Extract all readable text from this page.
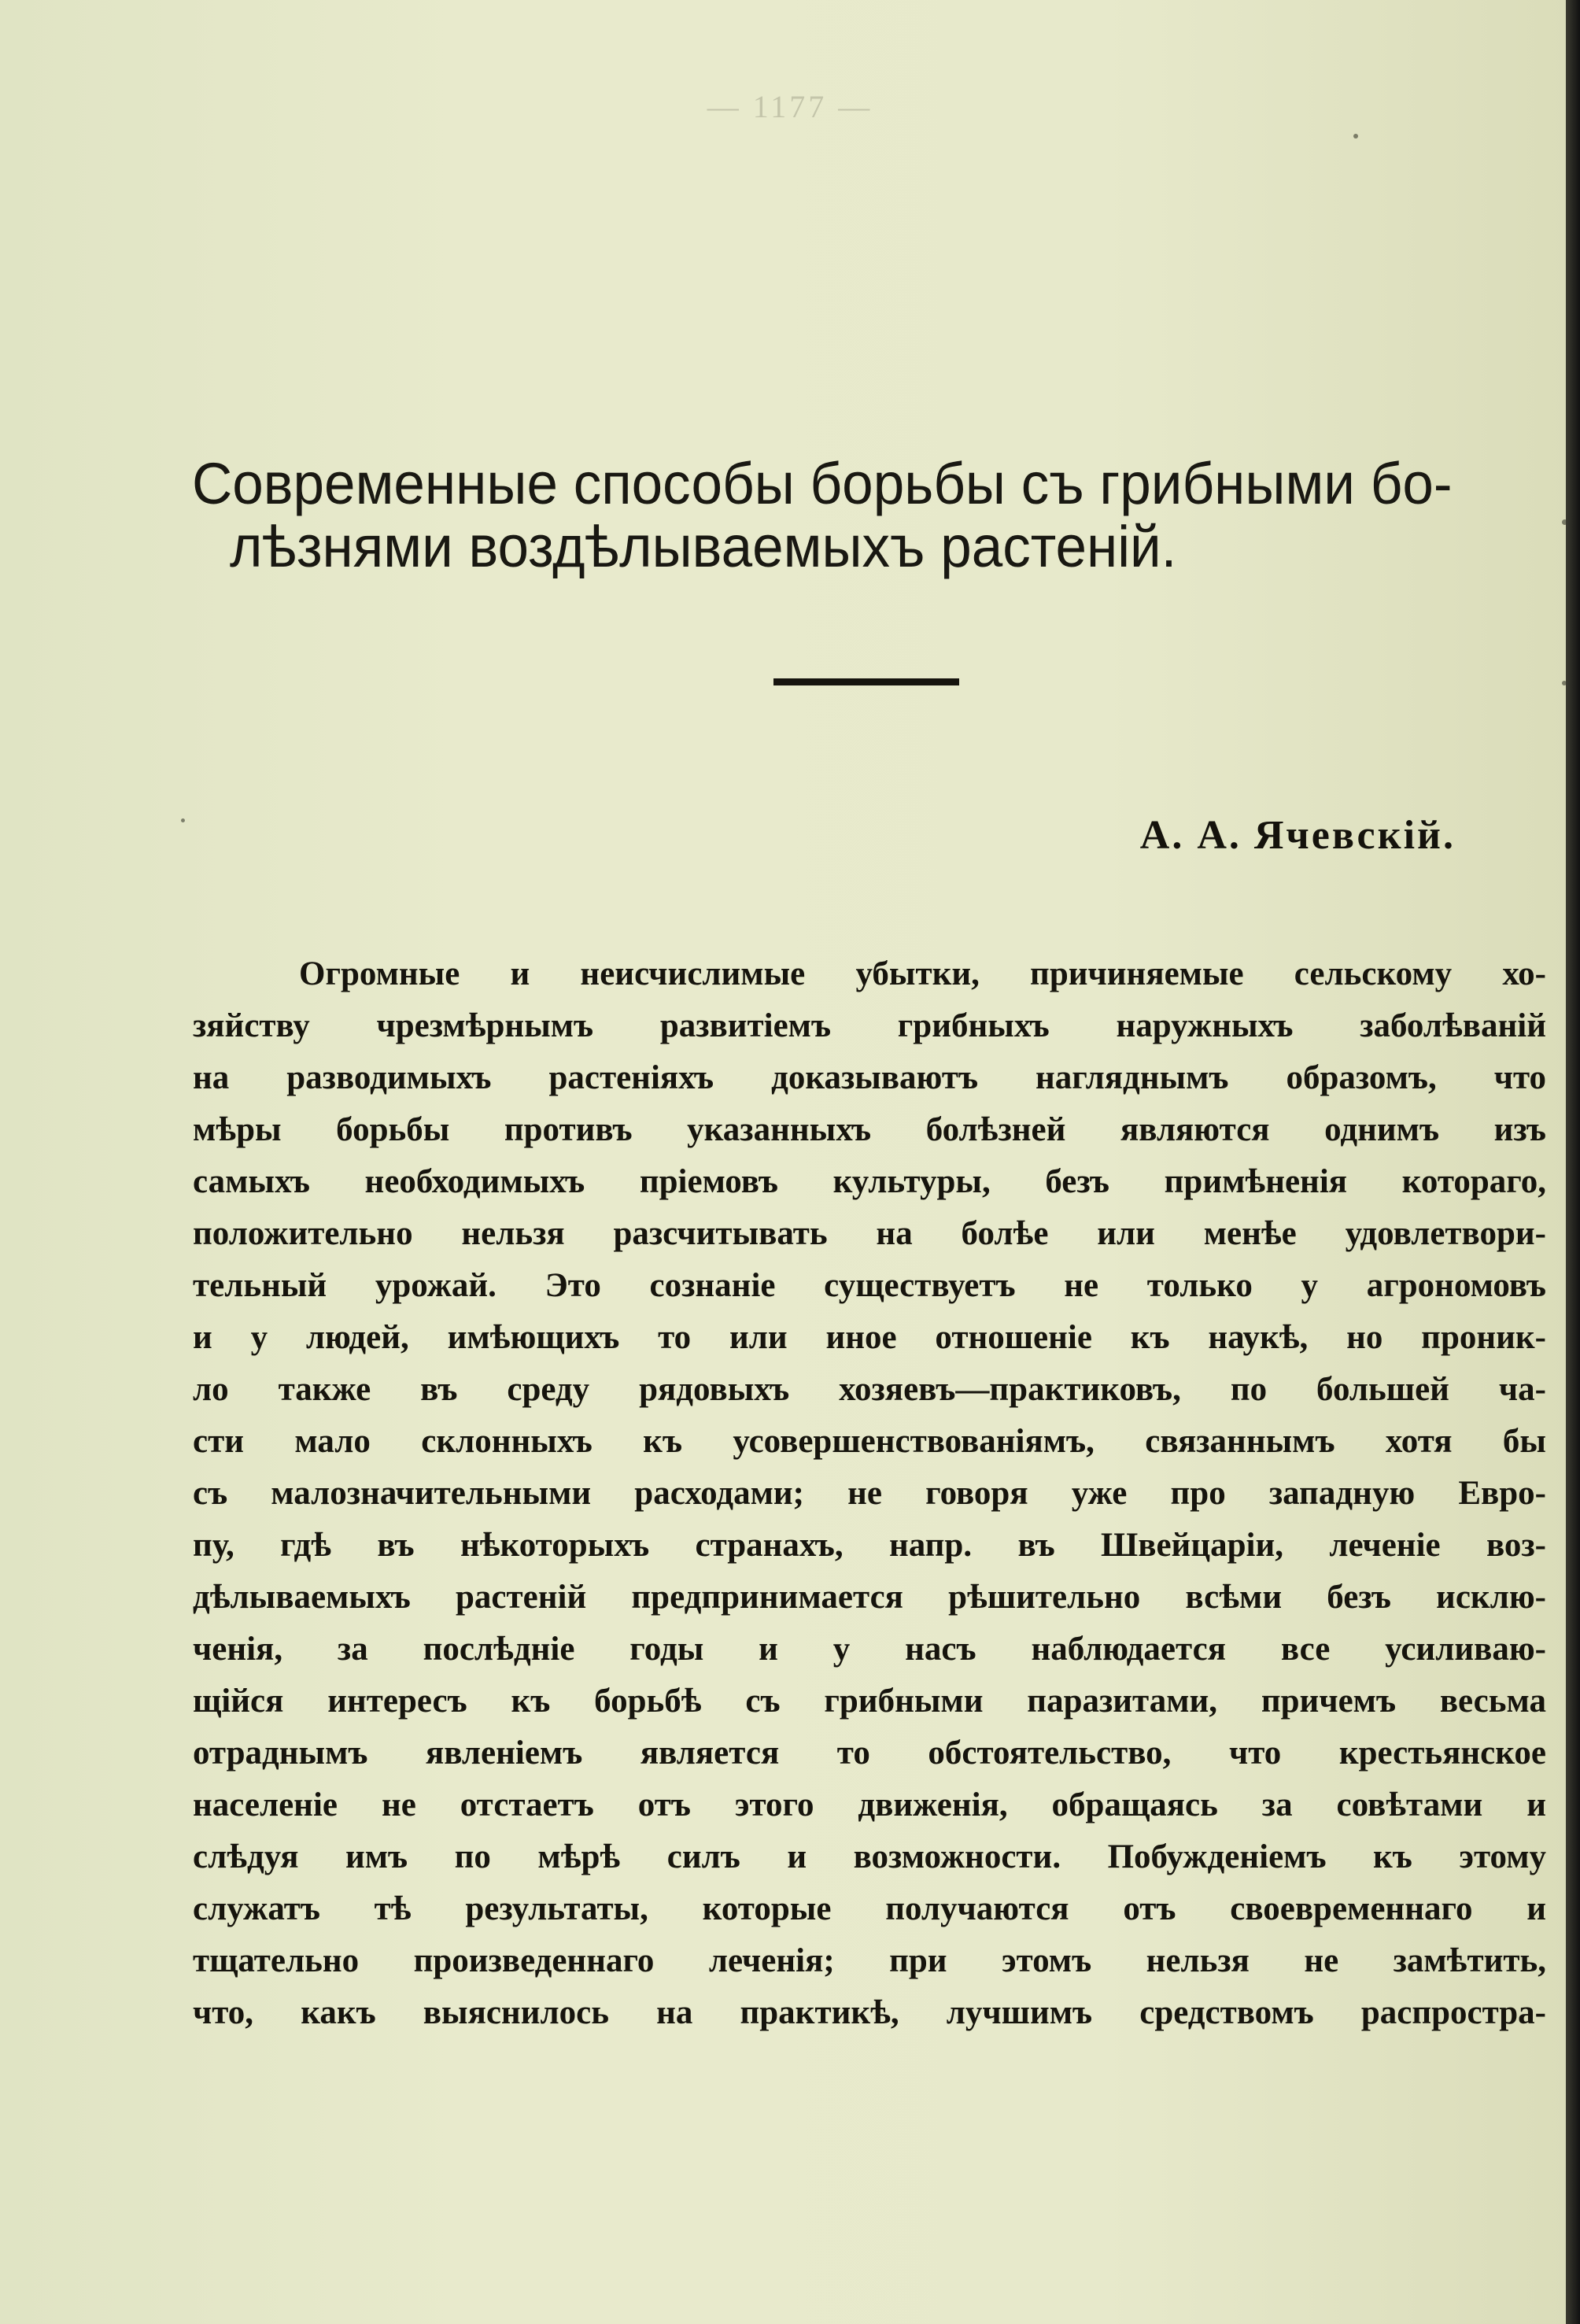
— 1177 —
Современные способы борьбы съ грибными бо-
лѣзнями воздѣлываемыхъ растеній.
А. А. Ячевскій.
Огромные и неисчислимые убытки, причиняемые сельскому хо-
зяйству чрезмѣрнымъ развитіемъ грибныхъ наружныхъ заболѣваній
на разводимыхъ растеніяхъ доказываютъ нагляднымъ образомъ, что
мѣры борьбы противъ указанныхъ болѣзней являются однимъ изъ
самыхъ необходимыхъ пріемовъ культуры, безъ примѣненія котораго,
положительно нельзя разсчитывать на болѣе или менѣе удовлетвори-
тельный урожай. Это сознаніе существуетъ не только у агрономовъ
и у людей, имѣющихъ то или иное отношеніе къ наукѣ, но проник-
ло также въ среду рядовыхъ хозяевъ—практиковъ, по большей ча-
сти мало склонныхъ къ усовершенствованіямъ, связаннымъ хотя бы
съ малозначительными расходами; не говоря уже про западную Евро-
пу, гдѣ въ нѣкоторыхъ странахъ, напр. въ Швейцаріи, леченіе воз-
дѣлываемыхъ растеній предпринимается рѣшительно всѣми безъ исклю-
ченія, за послѣдніе годы и у насъ наблюдается все усиливаю-
щійся интересъ къ борьбѣ съ грибными паразитами, причемъ весьма
отраднымъ явленіемъ является то обстоятельство, что крестьянское
населеніе не отстаетъ отъ этого движенія, обращаясь за совѣтами и
слѣдуя имъ по мѣрѣ силъ и возможности. Побужденіемъ къ этому
служатъ тѣ результаты, которые получаются отъ своевременнаго и
тщательно произведеннаго леченія; при этомъ нельзя не замѣтить,
что, какъ выяснилось на практикѣ, лучшимъ средствомъ распростра-
